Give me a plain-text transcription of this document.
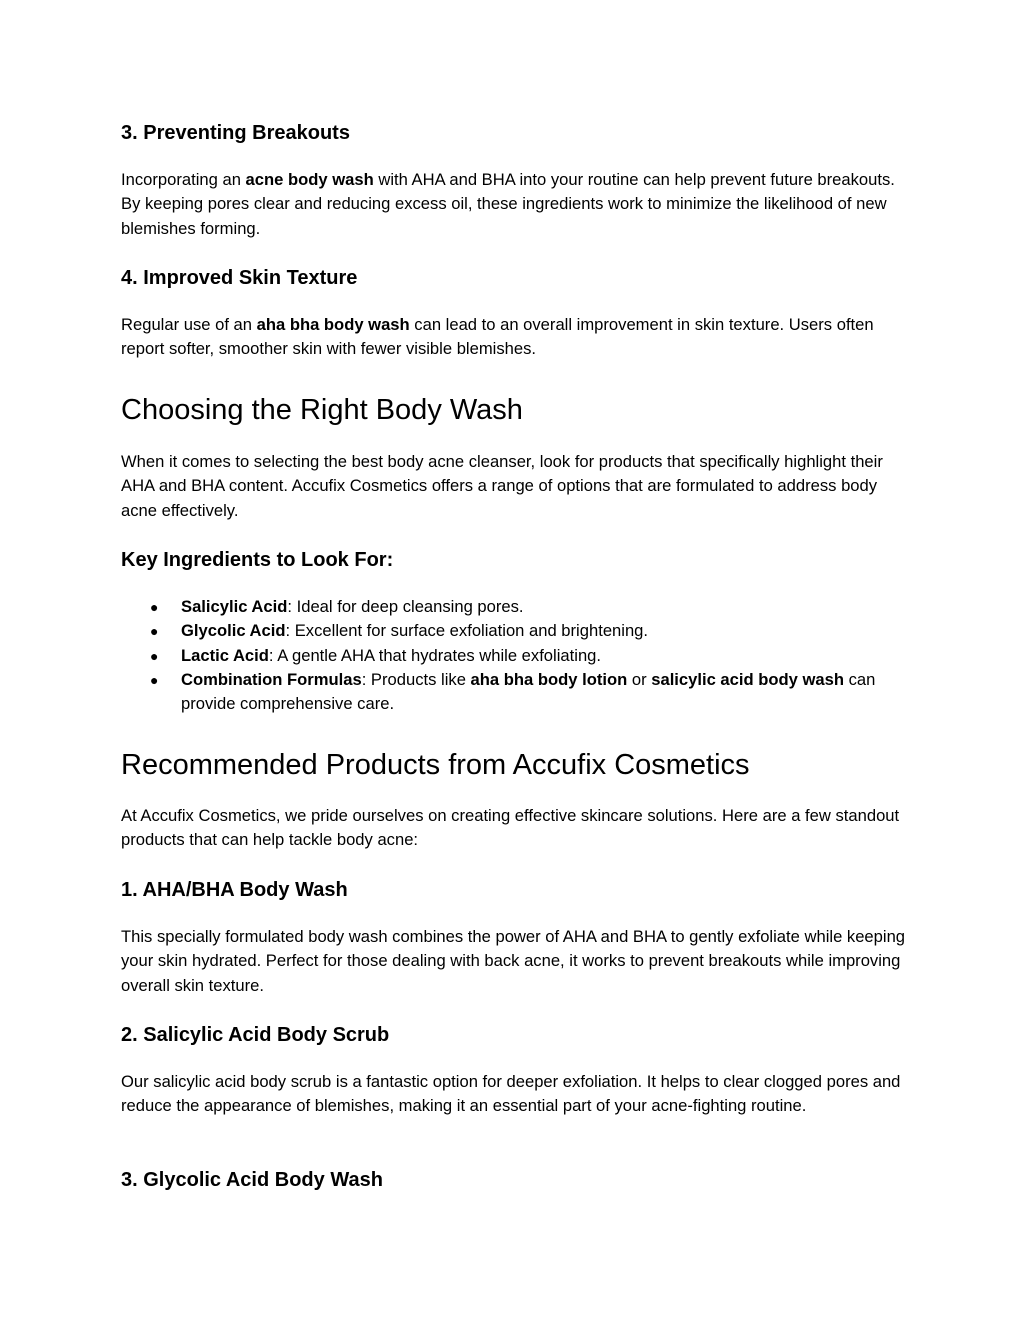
3. Preventing Breakouts

Incorporating an acne body wash with AHA and BHA into your routine can help prevent future breakouts. By keeping pores clear and reducing excess oil, these ingredients work to minimize the likelihood of new blemishes forming.

4. Improved Skin Texture

Regular use of an aha bha body wash can lead to an overall improvement in skin texture. Users often report softer, smoother skin with fewer visible blemishes.

Choosing the Right Body Wash

When it comes to selecting the best body acne cleanser, look for products that specifically highlight their AHA and BHA content. Accufix Cosmetics offers a range of options that are formulated to address body acne effectively.

Key Ingredients to Look For:
● Salicylic Acid: Ideal for deep cleansing pores.
● Glycolic Acid: Excellent for surface exfoliation and brightening.
● Lactic Acid: A gentle AHA that hydrates while exfoliating.
● Combination Formulas: Products like aha bha body lotion or salicylic acid body wash can provide comprehensive care.
Recommended Products from Accufix Cosmetics

At Accufix Cosmetics, we pride ourselves on creating effective skincare solutions. Here are a few standout products that can help tackle body acne:

1. AHA/BHA Body Wash

This specially formulated body wash combines the power of AHA and BHA to gently exfoliate while keeping your skin hydrated. Perfect for those dealing with back acne, it works to prevent breakouts while improving overall skin texture.

2. Salicylic Acid Body Scrub

Our salicylic acid body scrub is a fantastic option for deeper exfoliation. It helps to clear clogged pores and reduce the appearance of blemishes, making it an essential part of your acne-fighting routine.

3. Glycolic Acid Body Wash
